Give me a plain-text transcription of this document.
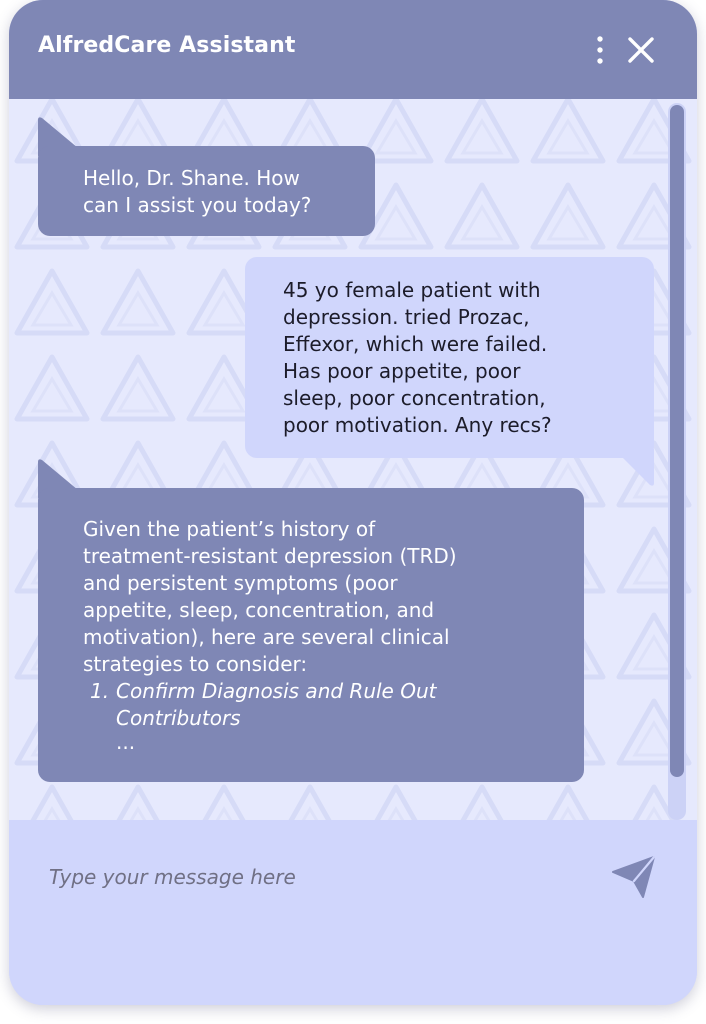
AlfredCare Assistant
Hello, Dr. Shane. How
can I assist you today?
45 yo female patient with
depression. tried Prozac,
Effexor, which were failed.
Has poor appetite, poor
sleep, poor concentration,
poor motivation. Any recs?
Given the patient’s history of
treatment-resistant depression (TRD)
and persistent symptoms (poor
appetite, sleep, concentration, and
motivation), here are several clinical
strategies to consider:
1. Confirm Diagnosis and Rule Out
Contributors
...
Type your message here
